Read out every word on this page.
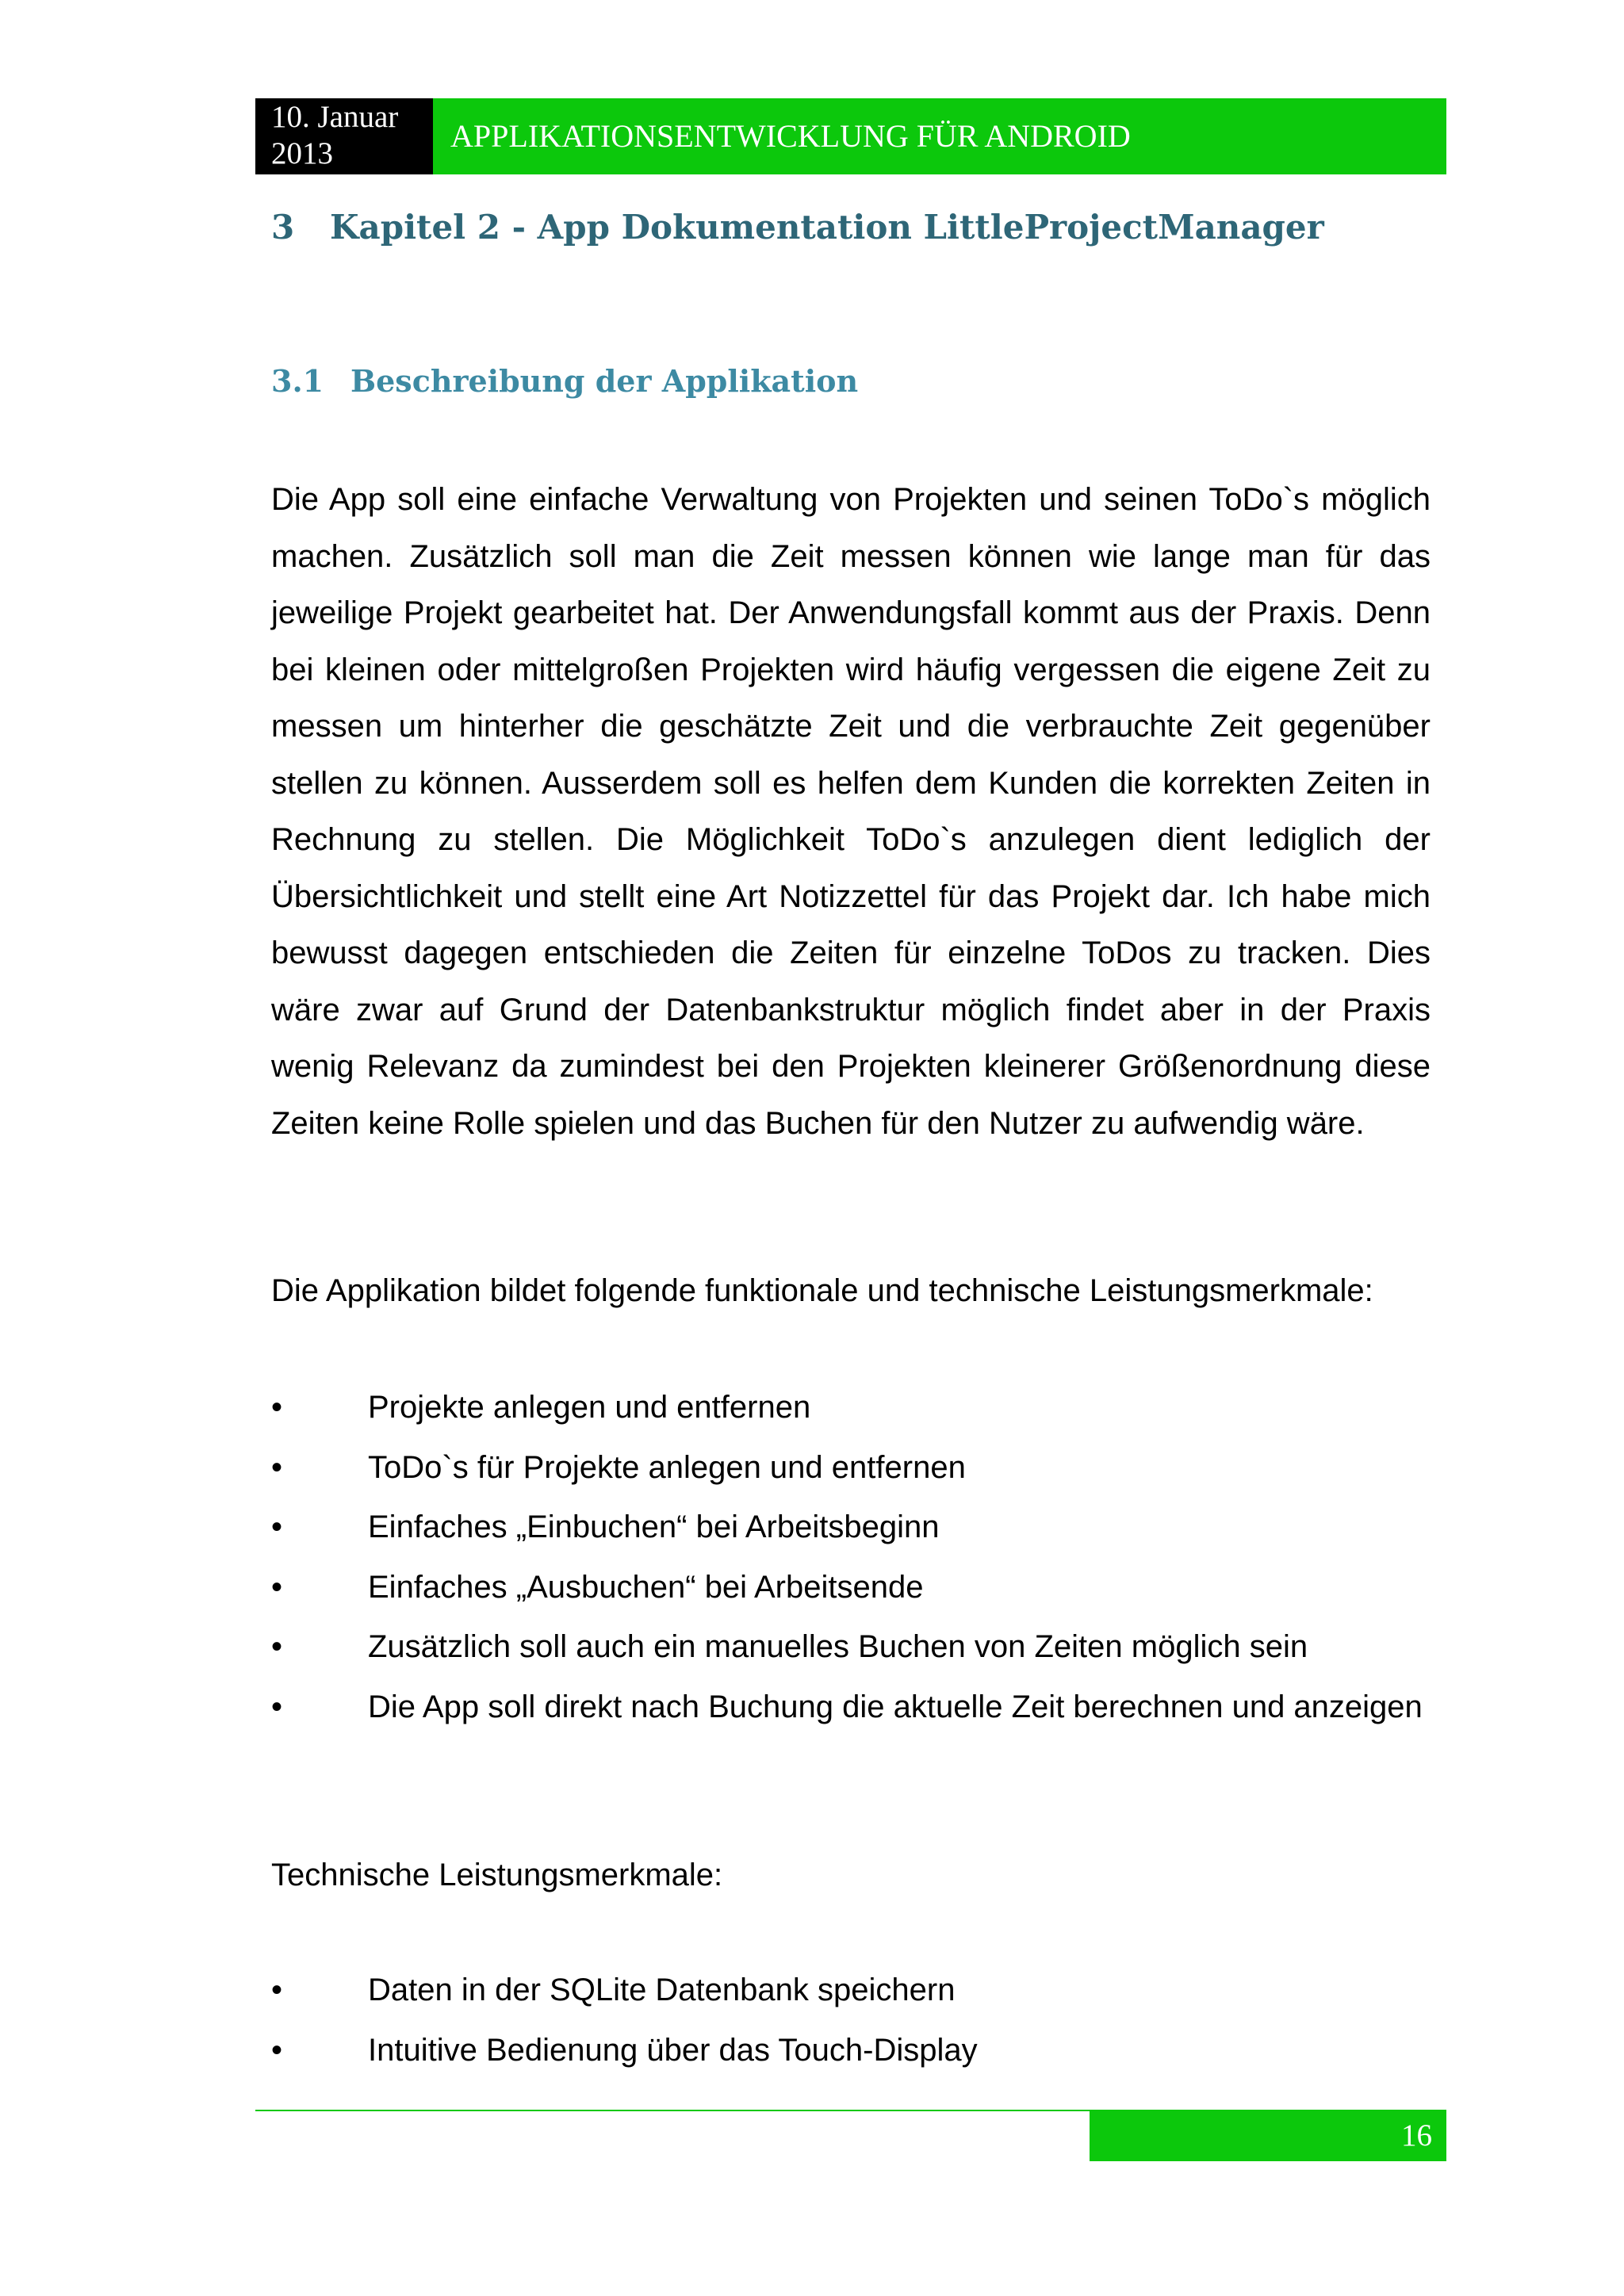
10. Januar
2013	APPLIKATIONSENTWICKLUNG FÜR ANDROID
3 Kapitel 2 - App Dokumentation LittleProjectManager
3.1 Beschreibung der Applikation

Die App soll eine einfache Verwaltung von Projekten und seinen ToDo`s möglich machen. Zusätzlich soll man die Zeit messen können wie lange man für das jeweilige Projekt gearbeitet hat. Der Anwendungsfall kommt aus der Praxis. Denn bei kleinen oder mittelgroßen Projekten wird häufig vergessen die eigene Zeit zu messen um hinterher die geschätzte Zeit und die verbrauchte Zeit gegenüber stellen zu können. Ausserdem soll es helfen dem Kunden die korrekten Zeiten in Rechnung zu stellen. Die Möglichkeit ToDo`s anzulegen dient lediglich der Übersichtlichkeit und stellt eine Art Notizzettel für das Projekt dar. Ich habe mich bewusst dagegen entschieden die Zeiten für einzelne ToDos zu tracken. Dies wäre zwar auf Grund der Datenbankstruktur möglich findet aber in der Praxis wenig Relevanz da zumindest bei den Projekten kleinerer Größenordnung diese Zeiten keine Rolle spielen und das Buchen für den Nutzer zu aufwendig wäre.

Die Applikation bildet folgende funktionale und technische Leistungsmerkmale:

•	Projekte anlegen und entfernen
•	ToDo`s für Projekte anlegen und entfernen
•	Einfaches „Einbuchen“ bei Arbeitsbeginn
•	Einfaches „Ausbuchen“ bei Arbeitsende
•	Zusätzlich soll auch ein manuelles Buchen von Zeiten möglich sein
•	Die App soll direkt nach Buchung die aktuelle Zeit berechnen und anzeigen

Technische Leistungsmerkmale:

•	Daten in der SQLite Datenbank speichern
•	Intuitive Bedienung über das Touch-Display
16
